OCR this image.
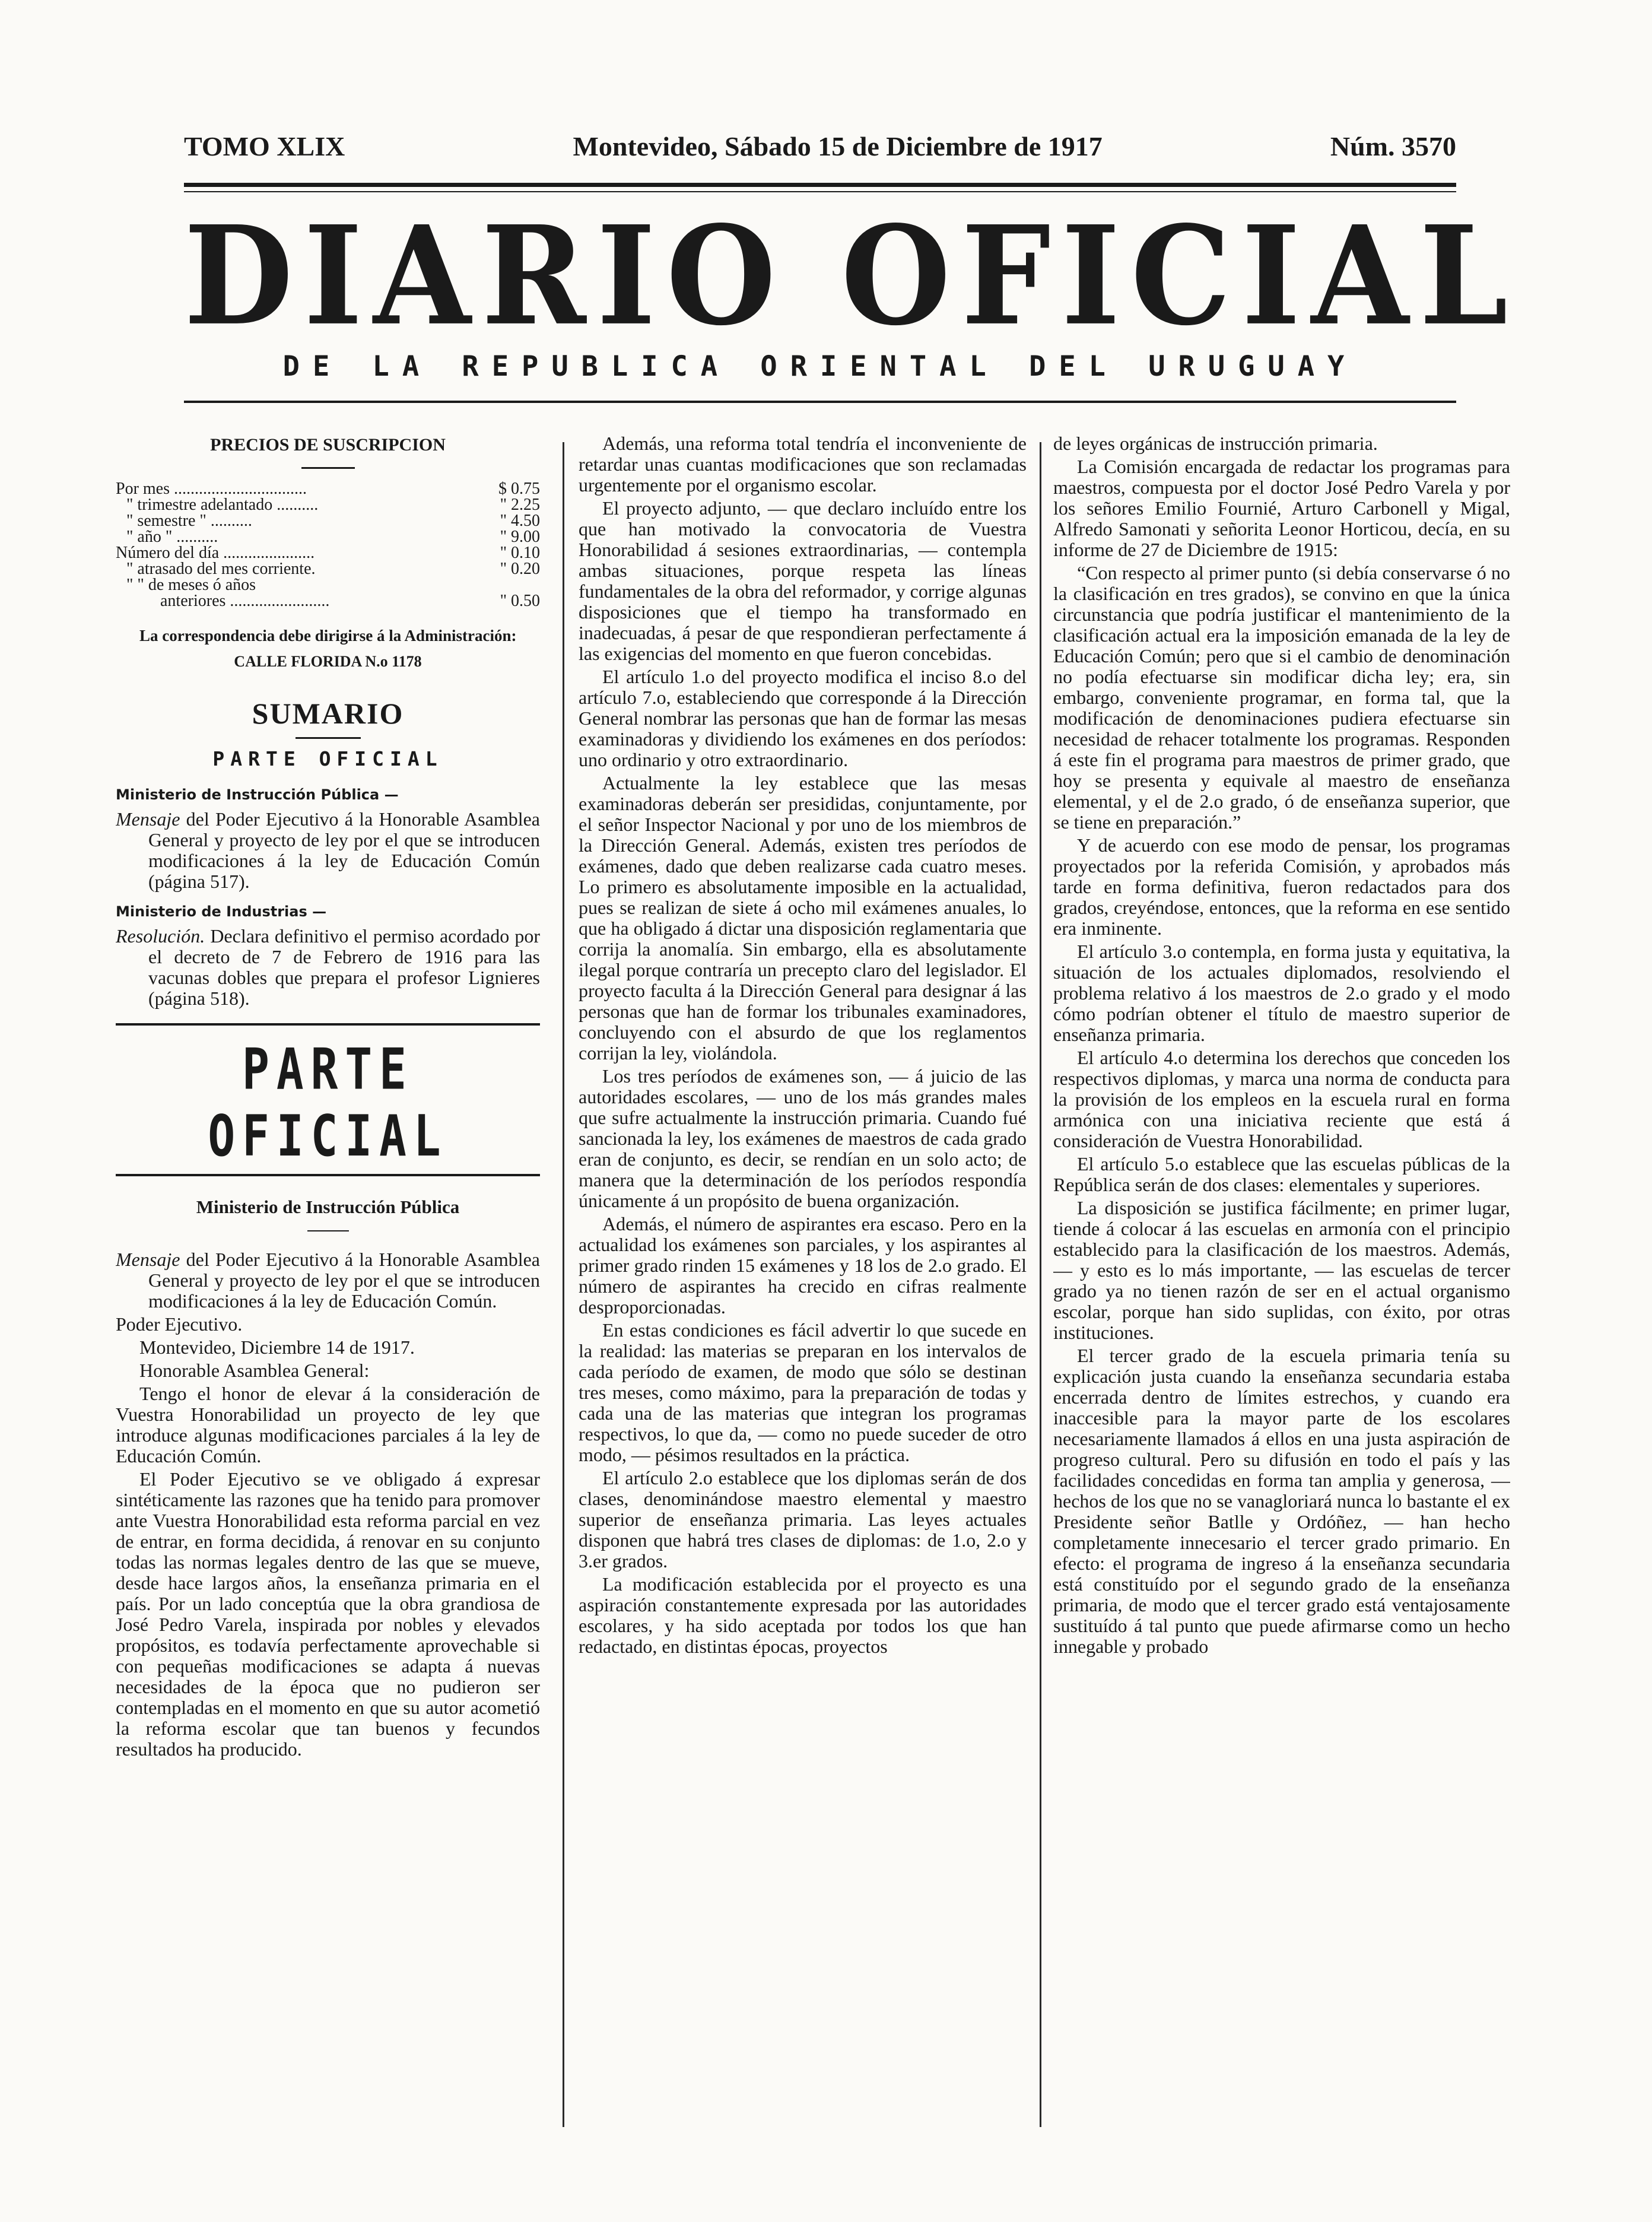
TOMO XLIX	Montevideo, Sábado 15 de Diciembre de 1917	Núm. 3570
DIARIO OFICIAL
DE LA REPUBLICA ORIENTAL DEL URUGUAY
PRECIOS DE SUSCRIPCION
Por mes ................................	$ 0.75
" trimestre adelantado ..........	" 2.25
" semestre " ..........	" 4.50
" año " ..........	" 9.00
Número del día ......................	" 0.10
" atrasado del mes corriente.	" 0.20
" " de meses ó años	
anteriores ........................	" 0.50

La correspondencia debe dirigirse á la Administración:

CALLE FLORIDA N.o 1178
SUMARIO
PARTE OFICIAL
Ministerio de Instrucción Pública —

Mensaje del Poder Ejecutivo á la Honorable Asamblea General y proyecto de ley por el que se introducen modificaciones á la ley de Educación Común (página 517).

Ministerio de Industrias —

Resolución. Declara definitivo el permiso acordado por el decreto de 7 de Febrero de 1916 para las vacunas dobles que prepara el profesor Lignieres (página 518).

PARTE OFICIAL
Ministerio de Instrucción Pública

Mensaje del Poder Ejecutivo á la Honorable Asamblea General y proyecto de ley por el que se introducen modificaciones á la ley de Educación Común.

Poder Ejecutivo.

Montevideo, Diciembre 14 de 1917.

Honorable Asamblea General:

Tengo el honor de elevar á la consideración de Vuestra Honorabilidad un proyecto de ley que introduce algunas modificaciones parciales á la ley de Educación Común.

El Poder Ejecutivo se ve obligado á expresar sintéticamente las razones que ha tenido para promover ante Vuestra Honorabilidad esta reforma parcial en vez de entrar, en forma decidida, á renovar en su conjunto todas las normas legales dentro de las que se mueve, desde hace largos años, la enseñanza primaria en el país. Por un lado conceptúa que la obra grandiosa de José Pedro Varela, inspirada por nobles y elevados propósitos, es todavía perfectamente aprovechable si con pequeñas modificaciones se adapta á nuevas necesidades de la época que no pudieron ser contempladas en el momento en que su autor acometió la reforma escolar que tan buenos y fecundos resultados ha producido.

Además, una reforma total tendría el inconveniente de retardar unas cuantas modificaciones que son reclamadas urgentemente por el organismo escolar.

El proyecto adjunto, — que declaro incluído entre los que han motivado la convocatoria de Vuestra Honorabilidad á sesiones extraordinarias, — contempla ambas situaciones, porque respeta las líneas fundamentales de la obra del reformador, y corrige algunas disposiciones que el tiempo ha transformado en inadecuadas, á pesar de que respondieran perfectamente á las exigencias del momento en que fueron concebidas.

El artículo 1.o del proyecto modifica el inciso 8.o del artículo 7.o, estableciendo que corresponde á la Dirección General nombrar las personas que han de formar las mesas examinadoras y dividiendo los exámenes en dos períodos: uno ordinario y otro extraordinario.

Actualmente la ley establece que las mesas examinadoras deberán ser presididas, conjuntamente, por el señor Inspector Nacional y por uno de los miembros de la Dirección General. Además, existen tres períodos de exámenes, dado que deben realizarse cada cuatro meses. Lo primero es absolutamente imposible en la actualidad, pues se realizan de siete á ocho mil exámenes anuales, lo que ha obligado á dictar una disposición reglamentaria que corrija la anomalía. Sin embargo, ella es absolutamente ilegal porque contraría un precepto claro del legislador. El proyecto faculta á la Dirección General para designar á las personas que han de formar los tribunales examinadores, concluyendo con el absurdo de que los reglamentos corrijan la ley, violándola.

Los tres períodos de exámenes son, — á juicio de las autoridades escolares, — uno de los más grandes males que sufre actualmente la instrucción primaria. Cuando fué sancionada la ley, los exámenes de maestros de cada grado eran de conjunto, es decir, se rendían en un solo acto; de manera que la determinación de los períodos respondía únicamente á un propósito de buena organización.

Además, el número de aspirantes era escaso. Pero en la actualidad los exámenes son parciales, y los aspirantes al primer grado rinden 15 exámenes y 18 los de 2.o grado. El número de aspirantes ha crecido en cifras realmente desproporcionadas.

En estas condiciones es fácil advertir lo que sucede en la realidad: las materias se preparan en los intervalos de cada período de examen, de modo que sólo se destinan tres meses, como máximo, para la preparación de todas y cada una de las materias que integran los programas respectivos, lo que da, — como no puede suceder de otro modo, — pésimos resultados en la práctica.

El artículo 2.o establece que los diplomas serán de dos clases, denominándose maestro elemental y maestro superior de enseñanza primaria. Las leyes actuales disponen que habrá tres clases de diplomas: de 1.o, 2.o y 3.er grados.

La modificación establecida por el proyecto es una aspiración constantemente expresada por las autoridades escolares, y ha sido aceptada por todos los que han redactado, en distintas épocas, proyectos

de leyes orgánicas de instrucción primaria.

La Comisión encargada de redactar los programas para maestros, compuesta por el doctor José Pedro Varela y por los señores Emilio Fournié, Arturo Carbonell y Migal, Alfredo Samonati y señorita Leonor Horticou, decía, en su informe de 27 de Diciembre de 1915:

“Con respecto al primer punto (si debía conservarse ó no la clasificación en tres grados), se convino en que la única circunstancia que podría justificar el mantenimiento de la clasificación actual era la imposición emanada de la ley de Educación Común; pero que si el cambio de denominación no podía efectuarse sin modificar dicha ley; era, sin embargo, conveniente programar, en forma tal, que la modificación de denominaciones pudiera efectuarse sin necesidad de rehacer totalmente los programas. Responden á este fin el programa para maestros de primer grado, que hoy se presenta y equivale al maestro de enseñanza elemental, y el de 2.o grado, ó de enseñanza superior, que se tiene en preparación.”

Y de acuerdo con ese modo de pensar, los programas proyectados por la referida Comisión, y aprobados más tarde en forma definitiva, fueron redactados para dos grados, creyéndose, entonces, que la reforma en ese sentido era inminente.

El artículo 3.o contempla, en forma justa y equitativa, la situación de los actuales diplomados, resolviendo el problema relativo á los maestros de 2.o grado y el modo cómo podrían obtener el título de maestro superior de enseñanza primaria.

El artículo 4.o determina los derechos que conceden los respectivos diplomas, y marca una norma de conducta para la provisión de los empleos en la escuela rural en forma armónica con una iniciativa reciente que está á consideración de Vuestra Honorabilidad.

El artículo 5.o establece que las escuelas públicas de la República serán de dos clases: elementales y superiores.

La disposición se justifica fácilmente; en primer lugar, tiende á colocar á las escuelas en armonía con el principio establecido para la clasificación de los maestros. Además, — y esto es lo más importante, — las escuelas de tercer grado ya no tienen razón de ser en el actual organismo escolar, porque han sido suplidas, con éxito, por otras instituciones.

El tercer grado de la escuela primaria tenía su explicación justa cuando la enseñanza secundaria estaba encerrada dentro de límites estrechos, y cuando era inaccesible para la mayor parte de los escolares necesariamente llamados á ellos en una justa aspiración de progreso cultural. Pero su difusión en todo el país y las facilidades concedidas en forma tan amplia y generosa, — hechos de los que no se vanagloriará nunca lo bastante el ex Presidente señor Batlle y Ordóñez, — han hecho completamente innecesario el tercer grado primario. En efecto: el programa de ingreso á la enseñanza secundaria está constituído por el segundo grado de la enseñanza primaria, de modo que el tercer grado está ventajosamente sustituído á tal punto que puede afirmarse como un hecho innegable y probado
